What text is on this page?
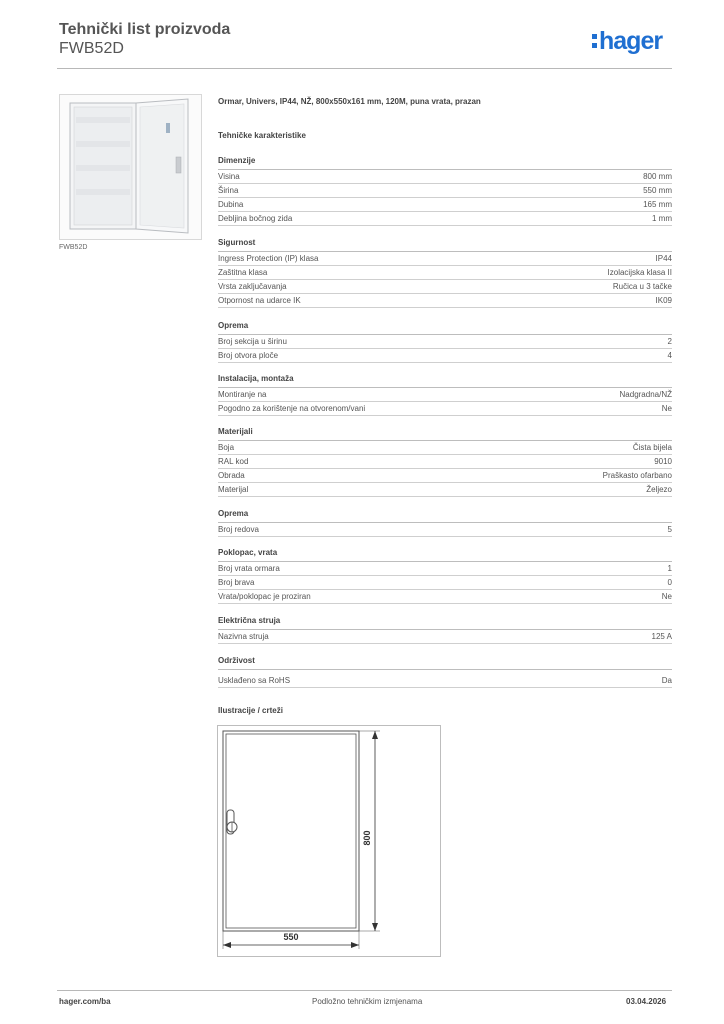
Tehnički list proizvoda
FWB52D	hager
FWB52D
Ormar, Univers, IP44, NŽ, 800x550x161 mm, 120M, puna vrata, prazan
Tehničke karakteristike
Dimenzije
Visina	800 mm
Širina	550 mm
Dubina	165 mm
Debljina bočnog zida	1 mm
Sigurnost
Ingress Protection (IP) klasa	IP44
Zaštitna klasa	Izolacijska klasa II
Vrsta zaključavanja	Ručica u 3 tačke
Otpornost na udarce IK	IK09
Oprema
Broj sekcija u širinu	2
Broj otvora ploče	4
Instalacija, montaža
Montiranje na	Nadgradna/NŽ
Pogodno za korištenje na otvorenom/vani	Ne
Materijali
Boja	Čista bijela
RAL kod	9010
Obrada	Praškasto ofarbano
Materijal	Željezo
Oprema
Broj redova	5
Poklopac, vrata
Broj vrata ormara	1
Broj brava	0
Vrata/poklopac je proziran	Ne
Električna struja
Nazivna struja	125 A
Održivost
Usklađeno sa RoHS	Da
Ilustracije / crteži
800
550
hager.com/ba	Podložno tehničkim izmjenama	03.04.2026
